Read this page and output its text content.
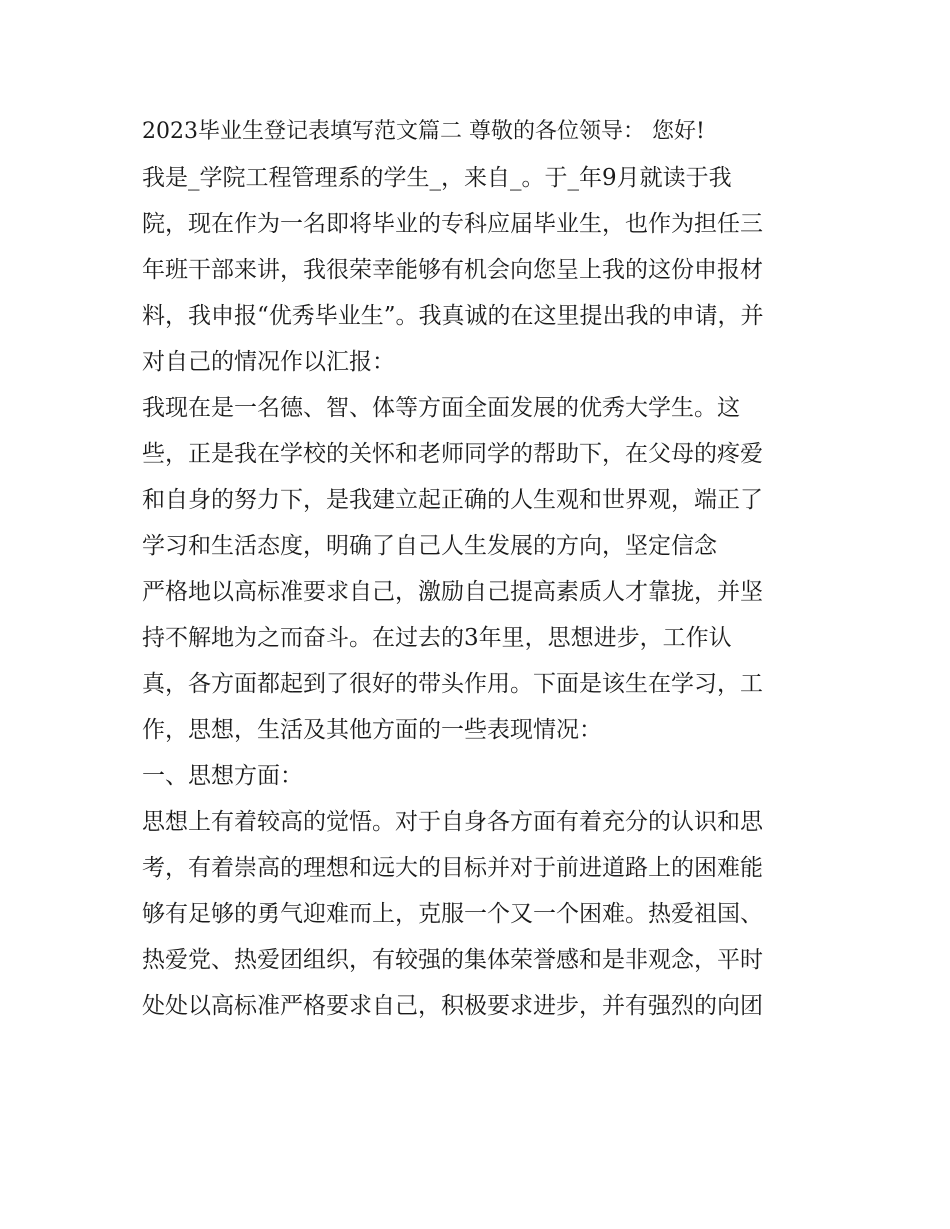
2023毕业生登记表填写范文篇二 尊敬的各位领导： 您好!
我是_学院工程管理系的学生_，来自_。于_年9月就读于我
院，现在作为一名即将毕业的专科应届毕业生，也作为担任三
年班干部来讲，我很荣幸能够有机会向您呈上我的这份申报材
料，我申报“优秀毕业生”。我真诚的在这里提出我的申请，并
对自己的情况作以汇报：
我现在是一名德、智、体等方面全面发展的优秀大学生。这
些，正是我在学校的关怀和老师同学的帮助下，在父母的疼爱
和自身的努力下，是我建立起正确的人生观和世界观，端正了
学习和生活态度，明确了自己人生发展的方向，坚定信念
严格地以高标准要求自己，激励自己提高素质人才靠拢，并坚
持不解地为之而奋斗。在过去的3年里，思想进步，工作认
真，各方面都起到了很好的带头作用。下面是该生在学习，工
作，思想，生活及其他方面的一些表现情况：
一、思想方面：
思想上有着较高的觉悟。对于自身各方面有着充分的认识和思
考，有着崇高的理想和远大的目标并对于前进道路上的困难能
够有足够的勇气迎难而上，克服一个又一个困难。热爱祖国、
热爱党、热爱团组织，有较强的集体荣誉感和是非观念，平时
处处以高标准严格要求自己，积极要求进步，并有强烈的向团
